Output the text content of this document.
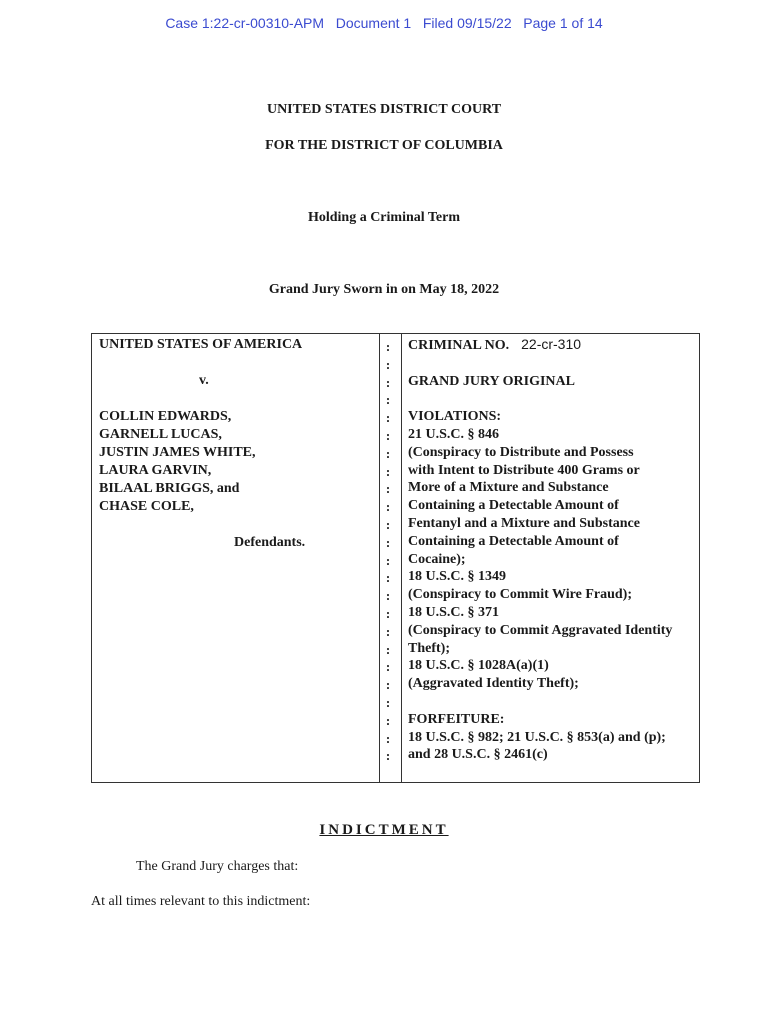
Case 1:22-cr-00310-APM   Document 1   Filed 09/15/22   Page 1 of 14
UNITED STATES DISTRICT COURT
FOR THE DISTRICT OF COLUMBIA
Holding a Criminal Term
Grand Jury Sworn in on May 18, 2022
UNITED STATES OF AMERICA
v.
COLLIN EDWARDS,
GARNELL LUCAS,
JUSTIN JAMES WHITE,
LAURA GARVIN,
BILAAL BRIGGS, and
CHASE COLE,
Defendants.
:
:
:
:
:
:
:
:
:
:
:
:
:
:
:
:
:
:
:
:
:
:
:
:
CRIMINAL NO. 22-cr-310
GRAND JURY ORIGINAL
VIOLATIONS:
21 U.S.C. § 846
(Conspiracy to Distribute and Possess
with Intent to Distribute 400 Grams or
More of a Mixture and Substance
Containing a Detectable Amount of
Fentanyl and a Mixture and Substance
Containing a Detectable Amount of
Cocaine);
18 U.S.C. § 1349
(Conspiracy to Commit Wire Fraud);
18 U.S.C. § 371
(Conspiracy to Commit Aggravated Identity
Theft);
18 U.S.C. § 1028A(a)(1)
(Aggravated Identity Theft);
FORFEITURE:
18 U.S.C. § 982; 21 U.S.C. § 853(a) and (p);
and 28 U.S.C. § 2461(c)
INDICTMENT
The Grand Jury charges that:
At all times relevant to this indictment:
